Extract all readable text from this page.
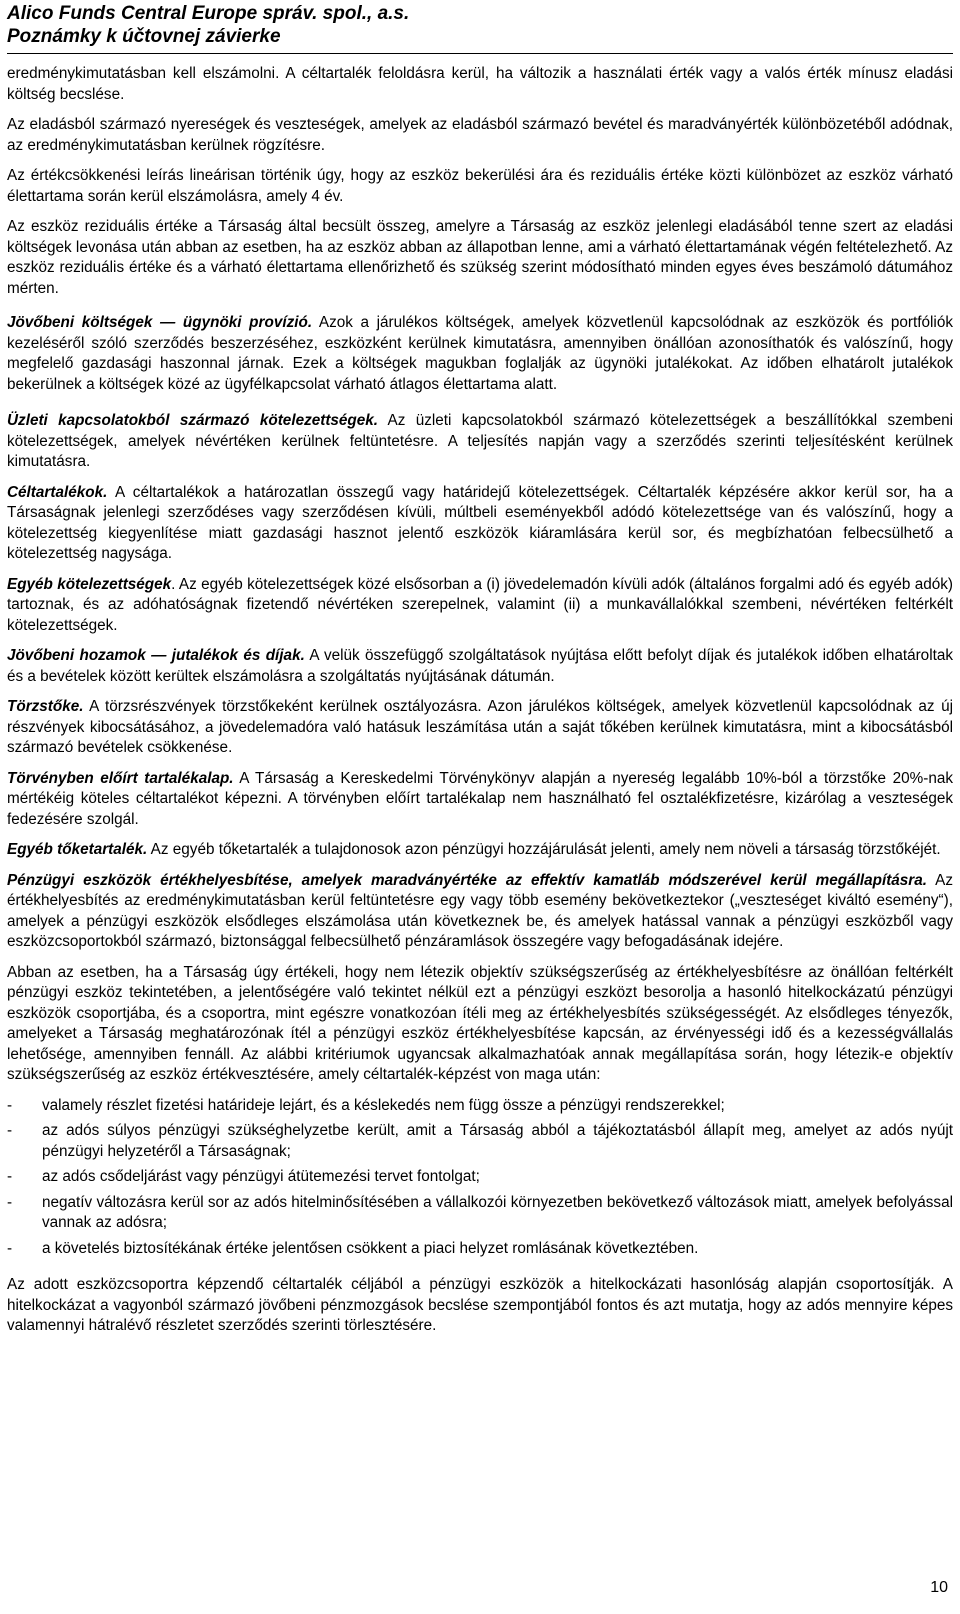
Alico Funds Central Europe správ. spol., a.s.
Poznámky k účtovnej závierke

eredménykimutatásban kell elszámolni. A céltartalék feloldásra kerül, ha változik a használati érték vagy a valós érték mínusz eladási költség becslése.

Az eladásból származó nyereségek és veszteségek, amelyek az eladásból származó bevétel és maradványérték különbözetéből adódnak, az eredménykimutatásban kerülnek rögzítésre.

Az értékcsökkenési leírás lineárisan történik úgy, hogy az eszköz bekerülési ára és reziduális értéke közti különbözet az eszköz várható élettartama során kerül elszámolásra, amely 4 év.

Az eszköz reziduális értéke a Társaság által becsült összeg, amelyre a Társaság az eszköz jelenlegi eladásából tenne szert az eladási költségek levonása után abban az esetben, ha az eszköz abban az állapotban lenne, ami a várható élettartamának végén feltételezhető. Az eszköz reziduális értéke és a várható élettartama ellenőrizhető és szükség szerint módosítható minden egyes éves beszámoló dátumához mérten.

Jövőbeni költségek — ügynöki provízió. Azok a járulékos költségek, amelyek közvetlenül kapcsolódnak az eszközök és portfóliók kezeléséről szóló szerződés beszerzéséhez, eszközként kerülnek kimutatásra, amennyiben önállóan azonosíthatók és valószínű, hogy megfelelő gazdasági haszonnal járnak. Ezek a költségek magukban foglalják az ügynöki jutalékokat. Az időben elhatárolt jutalékok bekerülnek a költségek közé az ügyfélkapcsolat várható átlagos élettartama alatt.

Üzleti kapcsolatokból származó kötelezettségek. Az üzleti kapcsolatokból származó kötelezettségek a beszállítókkal szembeni kötelezettségek, amelyek névértéken kerülnek feltüntetésre. A teljesítés napján vagy a szerződés szerinti teljesítésként kerülnek kimutatásra.

Céltartalékok. A céltartalékok a határozatlan összegű vagy határidejű kötelezettségek. Céltartalék képzésére akkor kerül sor, ha a Társaságnak jelenlegi szerződéses vagy szerződésen kívüli, múltbeli eseményekből adódó kötelezettsége van és valószínű, hogy a kötelezettség kiegyenlítése miatt gazdasági hasznot jelentő eszközök kiáramlására kerül sor, és megbízhatóan felbecsülhető a kötelezettség nagysága.

Egyéb kötelezettségek. Az egyéb kötelezettségek közé elsősorban a (i) jövedelemadón kívüli adók (általános forgalmi adó és egyéb adók) tartoznak, és az adóhatóságnak fizetendő névértéken szerepelnek, valamint (ii) a munkavállalókkal szembeni, névértéken feltérkélt kötelezettségek.

Jövőbeni hozamok — jutalékok és díjak. A velük összefüggő szolgáltatások nyújtása előtt befolyt díjak és jutalékok időben elhatároltak és a bevételek között kerültek elszámolásra a szolgáltatás nyújtásának dátumán.

Törzstőke. A törzsrészvények törzstőkeként kerülnek osztályozásra. Azon járulékos költségek, amelyek közvetlenül kapcsolódnak az új részvények kibocsátásához, a jövedelemadóra való hatásuk leszámítása után a saját tőkében kerülnek kimutatásra, mint a kibocsátásból származó bevételek csökkenése.

Törvényben előírt tartalékalap. A Társaság a Kereskedelmi Törvénykönyv alapján a nyereség legalább 10%-ból a törzstőke 20%-nak mértékéig köteles céltartalékot képezni. A törvényben előírt tartalékalap nem használható fel osztalékfizetésre, kizárólag a veszteségek fedezésére szolgál.

Egyéb tőketartalék. Az egyéb tőketartalék a tulajdonosok azon pénzügyi hozzájárulását jelenti, amely nem növeli a társaság törzstőkéjét.

Pénzügyi eszközök értékhelyesbítése, amelyek maradványértéke az effektív kamatláb módszerével kerül megállapításra. Az értékhelyesbítés az eredménykimutatásban kerül feltüntetésre egy vagy több esemény bekövetkeztekor („veszteséget kiváltó esemény“), amelyek a pénzügyi eszközök elsődleges elszámolása után következnek be, és amelyek hatással vannak a pénzügyi eszközből vagy eszközcsoportokból származó, biztonsággal felbecsülhető pénzáramlások összegére vagy befogadásának idejére.

Abban az esetben, ha a Társaság úgy értékeli, hogy nem létezik objektív szükségszerűség az értékhelyesbítésre az önállóan feltérkélt pénzügyi eszköz tekintetében, a jelentőségére való tekintet nélkül ezt a pénzügyi eszközt besorolja a hasonló hitelkockázatú pénzügyi eszközök csoportjába, és a csoportra, mint egészre vonatkozóan ítéli meg az értékhelyesbítés szükségességét. Az elsődleges tényezők, amelyeket a Társaság meghatározónak ítél a pénzügyi eszköz értékhelyesbítése kapcsán, az érvényességi idő és a kezességvállalás lehetősége, amennyiben fennáll. Az alábbi kritériumok ugyancsak alkalmazhatóak annak megállapítása során, hogy létezik-e objektív szükségszerűség az eszköz értékvesztésére, amely céltartalék-képzést von maga után:

- valamely részlet fizetési határideje lejárt, és a késlekedés nem függ össze a pénzügyi rendszerekkel;
- az adós súlyos pénzügyi szükséghelyzetbe került, amit a Társaság abból a tájékoztatásból állapít meg, amelyet az adós nyújt pénzügyi helyzetéről a Társaságnak;
- az adós csődeljárást vagy pénzügyi átütemezési tervet fontolgat;
- negatív változásra kerül sor az adós hitelminősítésében a vállalkozói környezetben bekövetkező változások miatt, amelyek befolyással vannak az adósra;
- a követelés biztosítékának értéke jelentősen csökkent a piaci helyzet romlásának következtében.

Az adott eszközcsoportra képzendő céltartalék céljából a pénzügyi eszközök a hitelkockázati hasonlóság alapján csoportosítják. A hitelkockázat a vagyonból származó jövőbeni pénzmozgások becslése szempontjából fontos és azt mutatja, hogy az adós mennyire képes valamennyi hátralévő részletet szerződés szerinti törlesztésére.

10
